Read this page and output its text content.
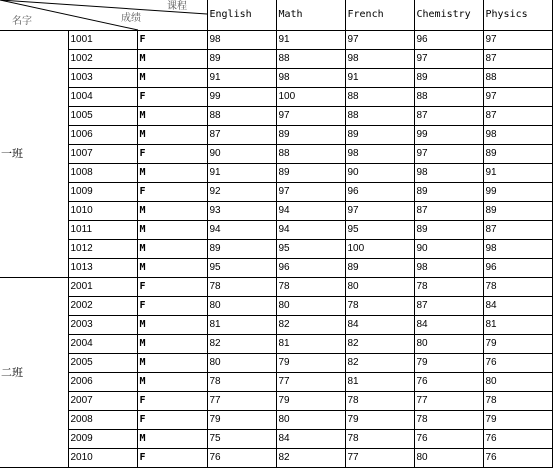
课程
成绩
名字			English	Math	French	Chemistry	Physics
一班	1001	F	98	91	97	96	97
	1002	M	89	88	98	97	87
	1003	M	91	98	91	89	88
	1004	F	99	100	88	88	97
	1005	M	88	97	88	87	87
	1006	M	87	89	89	99	98
	1007	F	90	88	98	97	89
	1008	M	91	89	90	98	91
	1009	F	92	97	96	89	99
	1010	M	93	94	97	87	89
	1011	M	94	94	95	89	87
	1012	M	89	95	100	90	98
	1013	M	95	96	89	98	96
二班	2001	F	78	78	80	78	78
	2002	F	80	80	78	87	84
	2003	M	81	82	84	84	81
	2004	M	82	81	82	80	79
	2005	M	80	79	82	79	76
	2006	M	78	77	81	76	80
	2007	F	77	79	78	77	78
	2008	F	79	80	79	78	79
	2009	M	75	84	78	76	76
	2010	F	76	82	77	80	76
